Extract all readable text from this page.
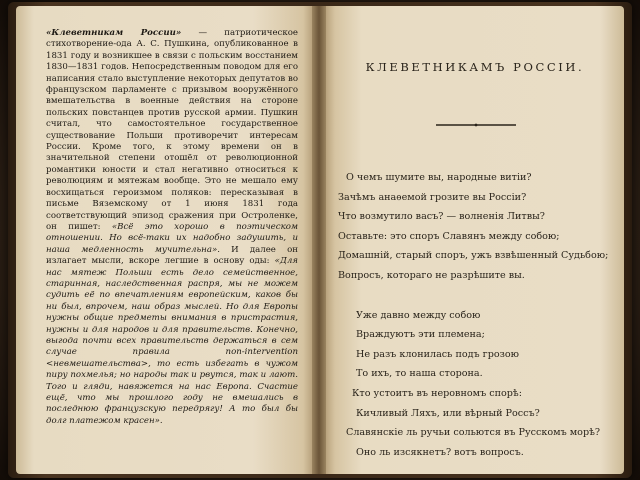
«Клеветникам России» — патриотическое стихотворение-ода А. С. Пушкина, опубликованное в 1831 году и возникшее в связи с польским восстанием 1830—1831 годов. Непосредственным поводом для его написания стало выступление некоторых депутатов во французском парламенте с призывом вооружённого вмешательства в военные действия на стороне польских повстанцев против русской армии. Пушкин считал, что самостоятельное государственное существование Польши противоречит интересам России. Кроме того, к этому времени он в значительной степени отошёл от революционной романтики юности и стал негативно относиться к революциям и мятежам вообще. Это не мешало ему восхищаться героизмом поляков: пересказывая в письме Вяземскому от 1 июня 1831 года соответствующий эпизод сражения при Остроленке, он пишет: «Всё это хорошо в поэтическом отношении. Но всё-таки их надобно задушить, и наша медленность мучительна». И далее он излагает мысли, вскоре легшие в основу оды: «Для нас мятеж Польши есть дело семейственное, старинная, наследственная распря, мы не можем судить её по впечатлениям европейским, каков бы ни был, впрочем, наш образ мыслей. Но для Европы нужны общие предметы внимания в пристрастия, нужны и для народов и для правительств. Конечно, выгода почти всех правительств держаться в сем случае правила non-intervention <невмешательства>, то есть избегать в чужом пиру похмелья; но народы так и рвутся, так и лают. Того и гляди, навяжется на нас Европа. Счастие ещё, что мы прошлого году не вмешались в последнюю французскую передрягу! А то был бы долг платежом красен».

КЛЕВЕТНИКАМЪ РОССІИ.
О чемъ шумите вы, народные витіи?
Зачѣмъ анаѳемой грозите вы Россіи?
Что возмутило васъ? — волненія Литвы?
Оставьте: это споръ Славянъ между собою;
Домашній, старый споръ, ужъ взвѣшенный Судьбою;
Вопросъ, котораго не разрѣшите вы.
Уже давно между собою
Враждуютъ эти племена;
Не разъ клонилась подъ грозою
То ихъ, то наша сторона.
Кто устоитъ въ неровномъ спорѣ:
Кичливый Ляхъ, или вѣрный Россъ?
Славянскіе ль ручьи сольются въ Русскомъ морѣ?
Оно ль изсякнетъ? вотъ вопросъ.
